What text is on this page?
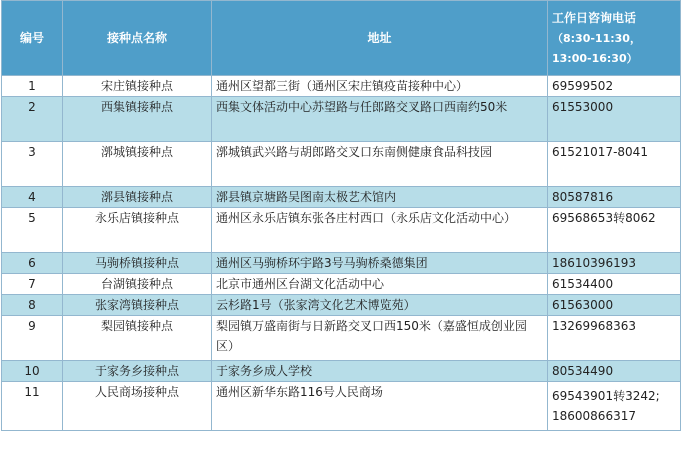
编号	接种点名称	地址	工作日咨询电话
（8:30-11:30，13:00-16:30）

1	宋庄镇接种点	通州区望都三街（通州区宋庄镇疫苗接种中心）	69599502
2	西集镇接种点	西集文体活动中心苏望路与任郎路交叉路口西南约50米	61553000
3	漷城镇接种点	漷城镇武兴路与胡郎路交叉口东南侧健康食品科技园	61521017-8041
4	漷县镇接种点	漷县镇京塘路吴图南太极艺术馆内	80587816
5	永乐店镇接种点	通州区永乐店镇东张各庄村西口（永乐店文化活动中心）	69568653转8062
6	马驹桥镇接种点	通州区马驹桥环宇路3号马驹桥桑德集团	18610396193
7	台湖镇接种点	北京市通州区台湖文化活动中心	61534400
8	张家湾镇接种点	云杉路1号（张家湾文化艺术博览苑）	61563000
9	梨园镇接种点	梨园镇万盛南街与日新路交叉口西150米（嘉盛恒成创业园区）	13269968363
10	于家务乡接种点	于家务乡成人学校	80534490
11	人民商场接种点	通州区新华东路116号人民商场	69543901转3242;
18600866317
